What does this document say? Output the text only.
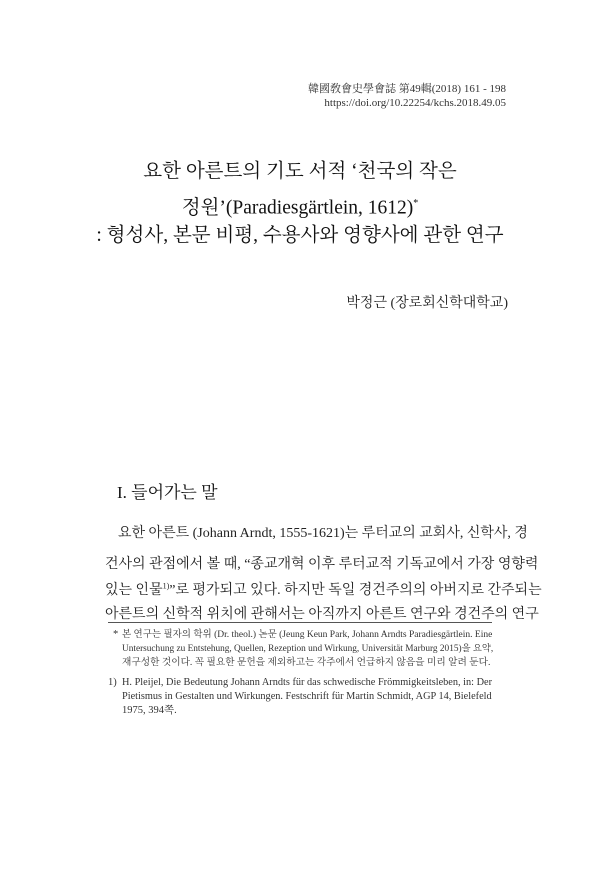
韓國敎會史學會誌 第49輯(2018) 161 - 198
https://doi.org/10.22254/kchs.2018.49.05
요한 아른트의 기도 서적 ‘천국의 작은
정원’(Paradiesgärtlein, 1612)*
: 형성사, 본문 비평, 수용사와 영향사에 관한 연구
박정근 (장로회신학대학교)
I. 들어가는 말
요한 아른트 (Johann Arndt, 1555-1621)는 루터교의 교회사, 신학사, 경
건사의 관점에서 볼 때, “종교개혁 이후 루터교적 기독교에서 가장 영향력
있는 인물$^{1)}$”로 평가되고 있다. 하지만 독일 경건주의의 아버지로 간주되는
아른트의 신학적 위치에 관해서는 아직까지 아른트 연구와 경건주의 연구
* 본 연구는 필자의 학위 (Dr. theol.) 논문 (Jeung Keun Park, Johann Arndts Paradiesgärtlein. Eine
Untersuchung zu Entstehung, Quellen, Rezeption und Wirkung, Universität Marburg 2015)을 요약,
재구성한 것이다. 꼭 필요한 문헌을 제외하고는 각주에서 언급하지 않음을 미리 알려 둔다.
1) H. Pleijel, Die Bedeutung Johann Arndts für das schwedische Frömmigkeitsleben, in: Der
Pietismus in Gestalten und Wirkungen. Festschrift für Martin Schmidt, AGP 14, Bielefeld
1975, 394쪽.
